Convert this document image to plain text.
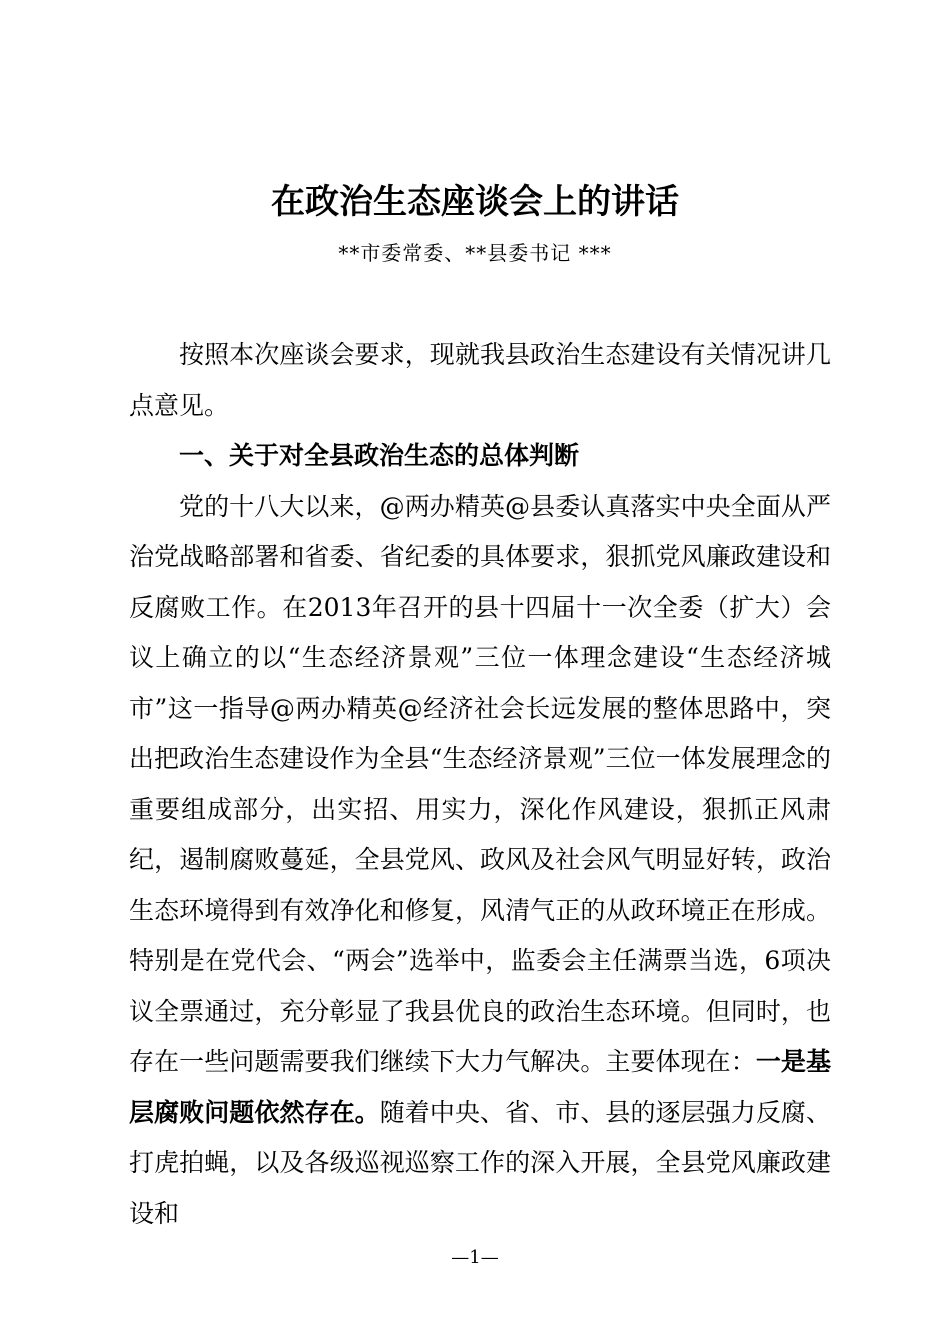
在政治生态座谈会上的讲话
**市委常委、**县委书记 ***

按照本次座谈会要求，现就我县政治生态建设有关情况讲几点意见。

一、关于对全县政治生态的总体判断

党的十八大以来，@两办精英@县委认真落实中央全面从严治党战略部署和省委、省纪委的具体要求，狠抓党风廉政建设和反腐败工作。在2013年召开的县十四届十一次全委（扩大）会议上确立的以“生态经济景观”三位一体理念建设“生态经济城市”这一指导@两办精英@经济社会长远发展的整体思路中，突出把政治生态建设作为全县“生态经济景观”三位一体发展理念的重要组成部分，出实招、用实力，深化作风建设，狠抓正风肃纪，遏制腐败蔓延，全县党风、政风及社会风气明显好转，政治生态环境得到有效净化和修复，风清气正的从政环境正在形成。特别是在党代会、“两会”选举中，监委会主任满票当选，6项决议全票通过，充分彰显了我县优良的政治生态环境。但同时，也存在一些问题需要我们继续下大力气解决。主要体现在：一是基层腐败问题依然存在。随着中央、省、市、县的逐层强力反腐、打虎拍蝇，以及各级巡视巡察工作的深入开展，全县党风廉政建设和

—1—
